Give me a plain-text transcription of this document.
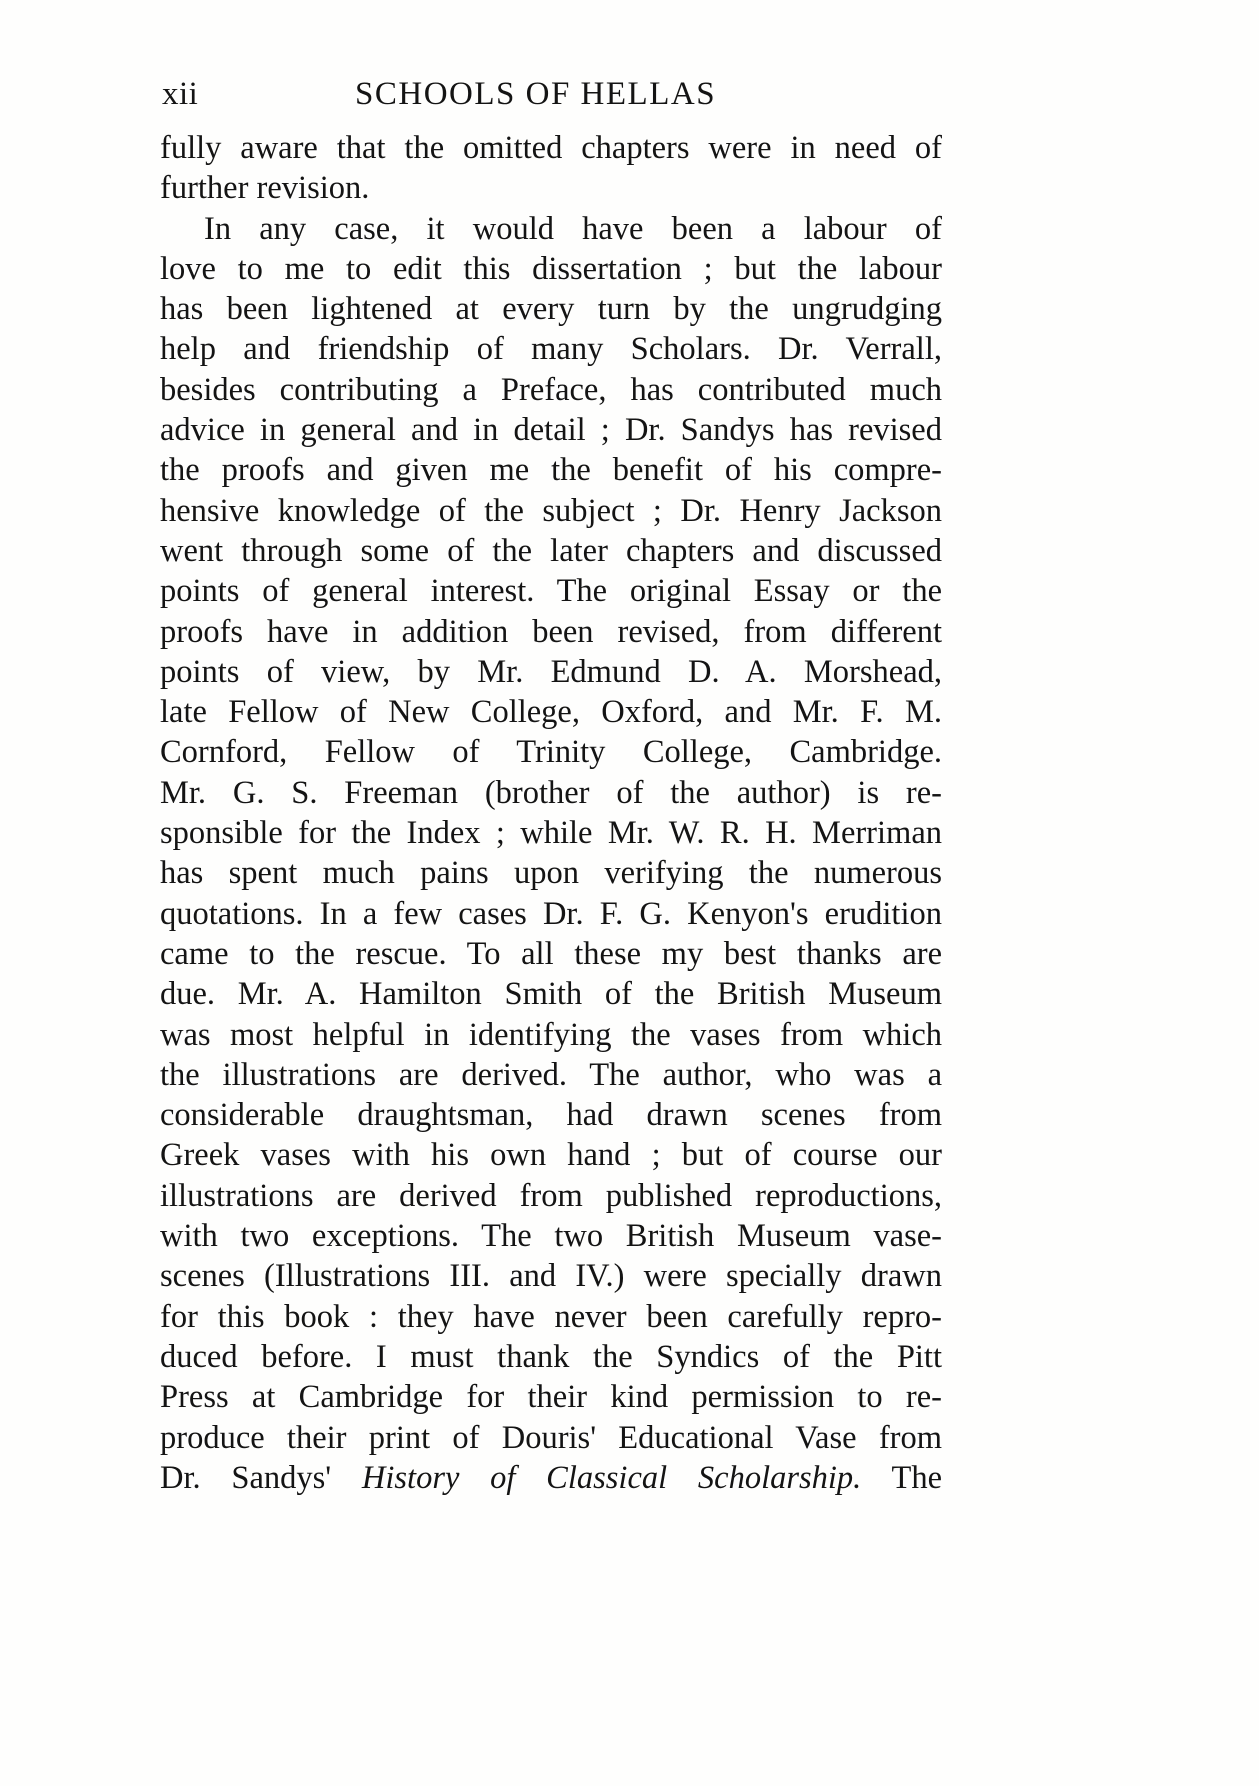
xii	SCHOOLS OF HELLAS
fully aware that the omitted chapters were in need of
further revision.
In any case, it would have been a labour of
love to me to edit this dissertation ; but the labour
has been lightened at every turn by the ungrudging
help and friendship of many Scholars. Dr. Verrall,
besides contributing a Preface, has contributed much
advice in general and in detail ; Dr. Sandys has revised
the proofs and given me the benefit of his compre-
hensive knowledge of the subject ; Dr. Henry Jackson
went through some of the later chapters and discussed
points of general interest. The original Essay or the
proofs have in addition been revised, from different
points of view, by Mr. Edmund D. A. Morshead,
late Fellow of New College, Oxford, and Mr. F. M.
Cornford, Fellow of Trinity College, Cambridge.
Mr. G. S. Freeman (brother of the author) is re-
sponsible for the Index ; while Mr. W. R. H. Merriman
has spent much pains upon verifying the numerous
quotations. In a few cases Dr. F. G. Kenyon's erudition
came to the rescue. To all these my best thanks are
due. Mr. A. Hamilton Smith of the British Museum
was most helpful in identifying the vases from which
the illustrations are derived. The author, who was a
considerable draughtsman, had drawn scenes from
Greek vases with his own hand ; but of course our
illustrations are derived from published reproductions,
with two exceptions. The two British Museum vase-
scenes (Illustrations III. and IV.) were specially drawn
for this book : they have never been carefully repro-
duced before. I must thank the Syndics of the Pitt
Press at Cambridge for their kind permission to re-
produce their print of Douris' Educational Vase from
Dr. Sandys' History of Classical Scholarship. The
